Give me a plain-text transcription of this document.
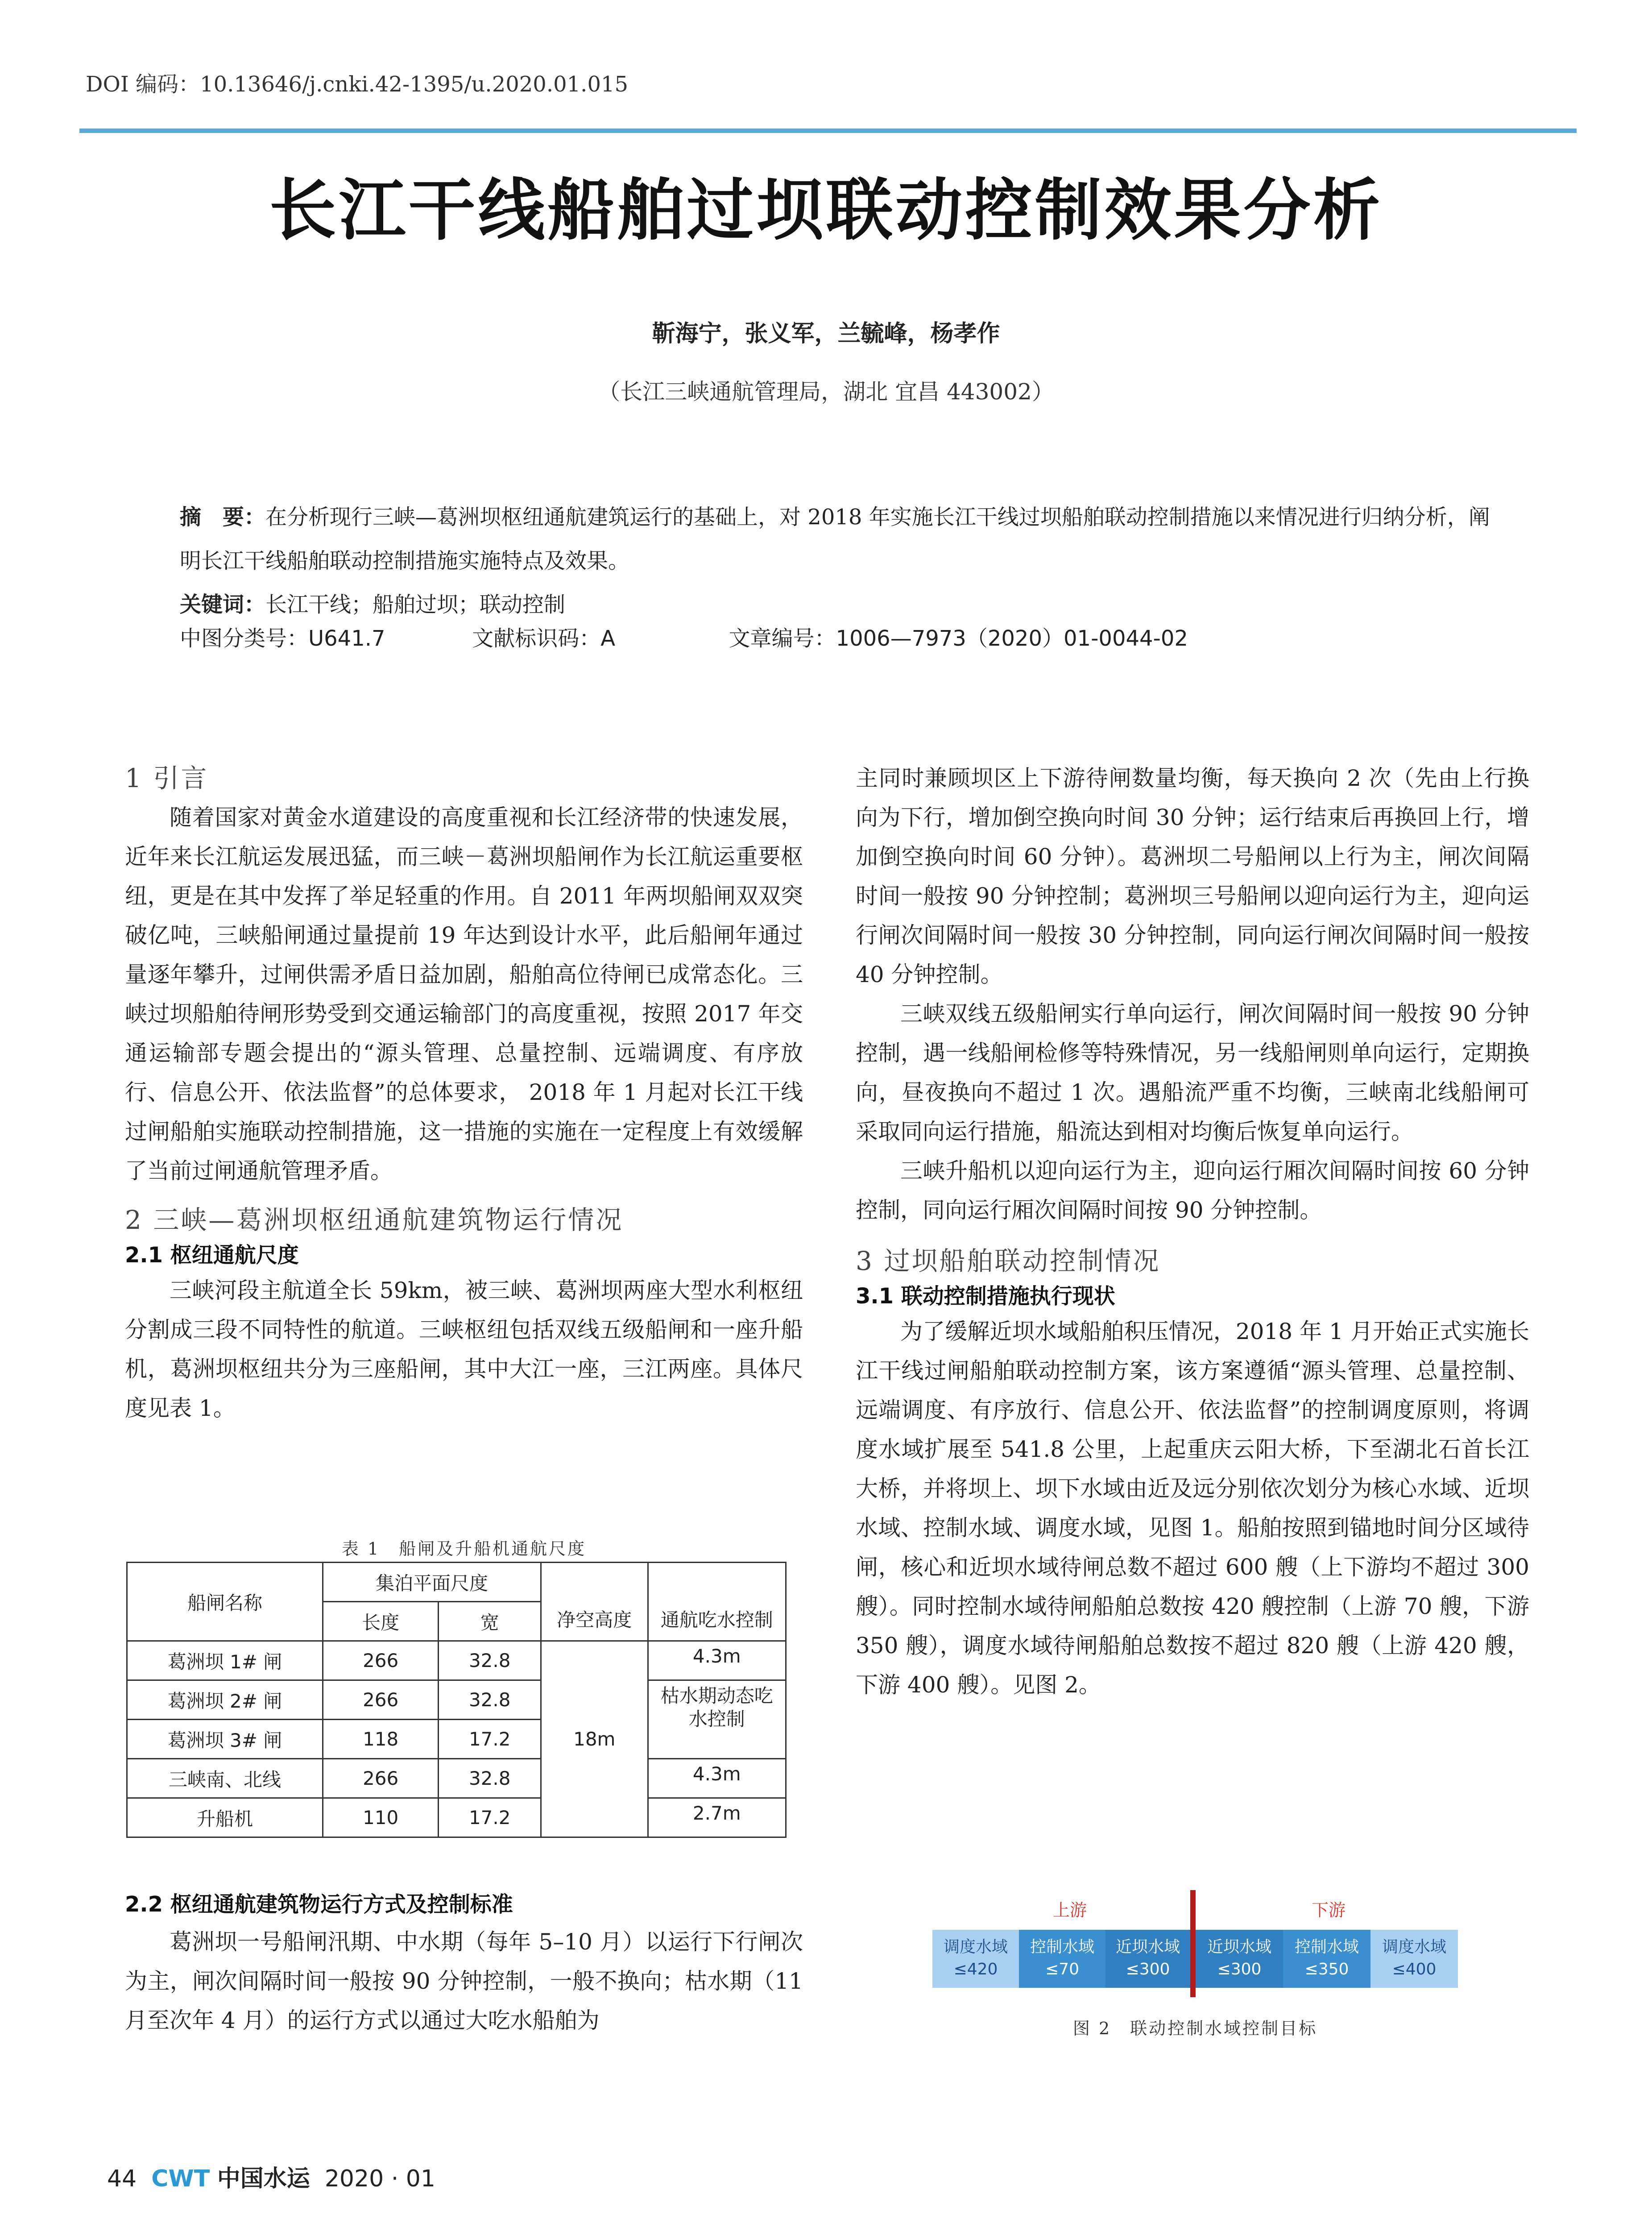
DOI 编码：10.13646/j.cnki.42-1395/u.2020.01.015
长江干线船舶过坝联动控制效果分析
靳海宁，张义军，兰毓峰，杨孝作
（长江三峡通航管理局，湖北 宜昌 443002）
摘　要：在分析现行三峡—葛洲坝枢纽通航建筑运行的基础上，对 2018 年实施长江干线过坝船舶联动控制措施以来情况进行归纳分析，阐明长江干线船舶联动控制措施实施特点及效果。
关键词：长江干线；船舶过坝；联动控制
中图分类号：U641.7	文献标识码：A	文章编号：1006—7973（2020）01-0044-02
1 引言

随着国家对黄金水道建设的高度重视和长江经济带的快速发展，近年来长江航运发展迅猛，而三峡－葛洲坝船闸作为长江航运重要枢纽，更是在其中发挥了举足轻重的作用。自 2011 年两坝船闸双双突破亿吨，三峡船闸通过量提前 19 年达到设计水平，此后船闸年通过量逐年攀升，过闸供需矛盾日益加剧，船舶高位待闸已成常态化。三峡过坝船舶待闸形势受到交通运输部门的高度重视，按照 2017 年交通运输部专题会提出的“源头管理、总量控制、远端调度、有序放行、信息公开、依法监督”的总体要求， 2018 年 1 月起对长江干线过闸船舶实施联动控制措施，这一措施的实施在一定程度上有效缓解了当前过闸通航管理矛盾。

2 三峡—葛洲坝枢纽通航建筑物运行情况
2.1 枢纽通航尺度

三峡河段主航道全长 59km，被三峡、葛洲坝两座大型水利枢纽分割成三段不同特性的航道。三峡枢纽包括双线五级船闸和一座升船机，葛洲坝枢纽共分为三座船闸，其中大江一座，三江两座。具体尺度见表 1。

表 1　船闸及升船机通航尺度
船闸名称	集泊平面尺度		净空高度	通航吃水控制
	长度	宽		
葛洲坝 1# 闸	266	32.8	18m	4.3m
葛洲坝 2# 闸	266	32.8		枯水期动态吃水控制
葛洲坝 3# 闸	118	17.2		
三峡南、北线	266	32.8		4.3m
升船机	110	17.2		2.7m
2.2 枢纽通航建筑物运行方式及控制标准

葛洲坝一号船闸汛期、中水期（每年 5–10 月）以运行下行闸次为主，闸次间隔时间一般按 90 分钟控制，一般不换向；枯水期（11 月至次年 4 月）的运行方式以通过大吃水船舶为

主同时兼顾坝区上下游待闸数量均衡，每天换向 2 次（先由上行换向为下行，增加倒空换向时间 30 分钟；运行结束后再换回上行，增加倒空换向时间 60 分钟）。葛洲坝二号船闸以上行为主，闸次间隔时间一般按 90 分钟控制；葛洲坝三号船闸以迎向运行为主，迎向运行闸次间隔时间一般按 30 分钟控制，同向运行闸次间隔时间一般按 40 分钟控制。

三峡双线五级船闸实行单向运行，闸次间隔时间一般按 90 分钟控制，遇一线船闸检修等特殊情况，另一线船闸则单向运行，定期换向，昼夜换向不超过 1 次。遇船流严重不均衡，三峡南北线船闸可采取同向运行措施，船流达到相对均衡后恢复单向运行。

三峡升船机以迎向运行为主，迎向运行厢次间隔时间按 60 分钟控制，同向运行厢次间隔时间按 90 分钟控制。

3 过坝船舶联动控制情况
3.1 联动控制措施执行现状

为了缓解近坝水域船舶积压情况，2018 年 1 月开始正式实施长江干线过闸船舶联动控制方案，该方案遵循“源头管理、总量控制、远端调度、有序放行、信息公开、依法监督”的控制调度原则，将调度水域扩展至 541.8 公里，上起重庆云阳大桥，下至湖北石首长江大桥，并将坝上、坝下水域由近及远分别依次划分为核心水域、近坝水域、控制水域、调度水域，见图 1。船舶按照到锚地时间分区域待闸，核心和近坝水域待闸总数不超过 600 艘（上下游均不超过 300 艘）。同时控制水域待闸船舶总数按 420 艘控制（上游 70 艘，下游 350 艘），调度水域待闸船舶总数按不超过 820 艘（上游 420 艘，下游 400 艘）。见图 2。

上游	下游
调度水域
≤420
控制水域
≤70
近坝水域
≤300
近坝水域
≤300
控制水域
≤350
调度水域
≤400
图 2　联动控制水域控制目标
44 CWT 中国水运 2020 · 01
